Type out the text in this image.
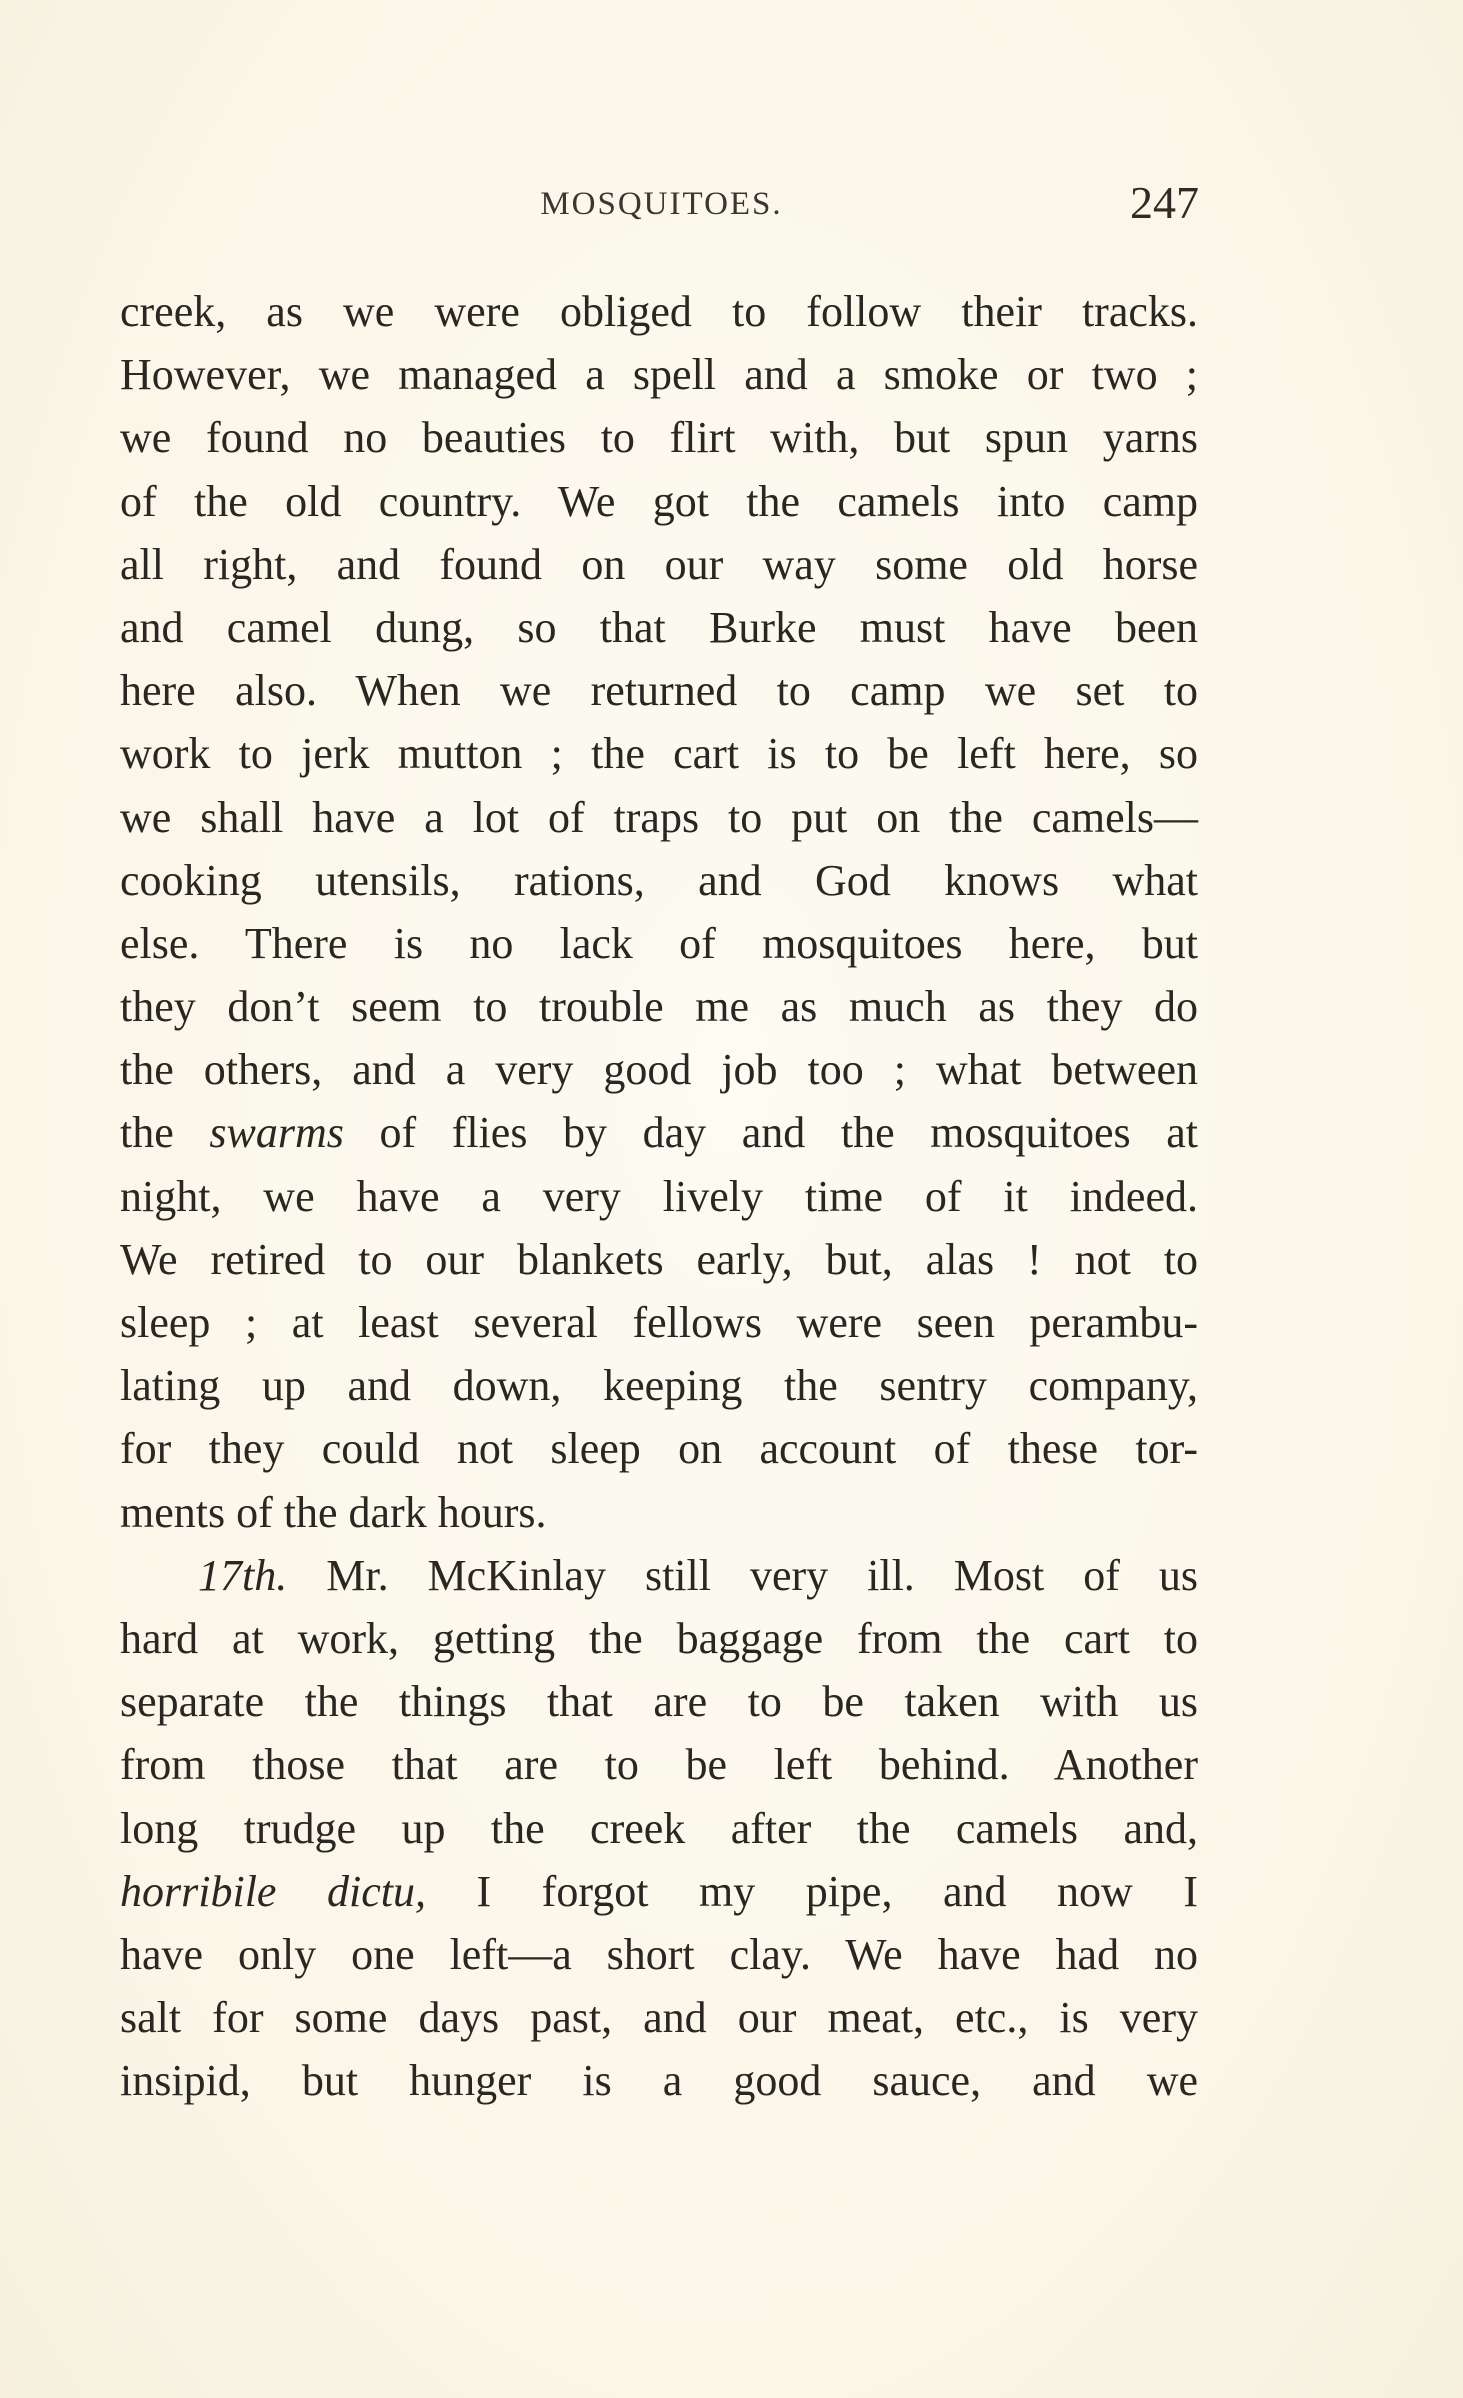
MOSQUITOES.	247
creek, as we were obliged to follow their tracks.
However, we managed a spell and a smoke or two ;
we found no beauties to flirt with, but spun yarns
of the old country. We got the camels into camp
all right, and found on our way some old horse
and camel dung, so that Burke must have been
here also. When we returned to camp we set to
work to jerk mutton ; the cart is to be left here, so
we shall have a lot of traps to put on the camels—
cooking utensils, rations, and God knows what
else. There is no lack of mosquitoes here, but
they don’t seem to trouble me as much as they do
the others, and a very good job too ; what between
the swarms of flies by day and the mosquitoes at
night, we have a very lively time of it indeed.
We retired to our blankets early, but, alas ! not to
sleep ; at least several fellows were seen perambu-
lating up and down, keeping the sentry company,
for they could not sleep on account of these tor-
ments of the dark hours.
17th. Mr. McKinlay still very ill. Most of us
hard at work, getting the baggage from the cart to
separate the things that are to be taken with us
from those that are to be left behind. Another
long trudge up the creek after the camels and,
horribile dictu, I forgot my pipe, and now I
have only one left—a short clay. We have had no
salt for some days past, and our meat, etc., is very
insipid, but hunger is a good sauce, and we
